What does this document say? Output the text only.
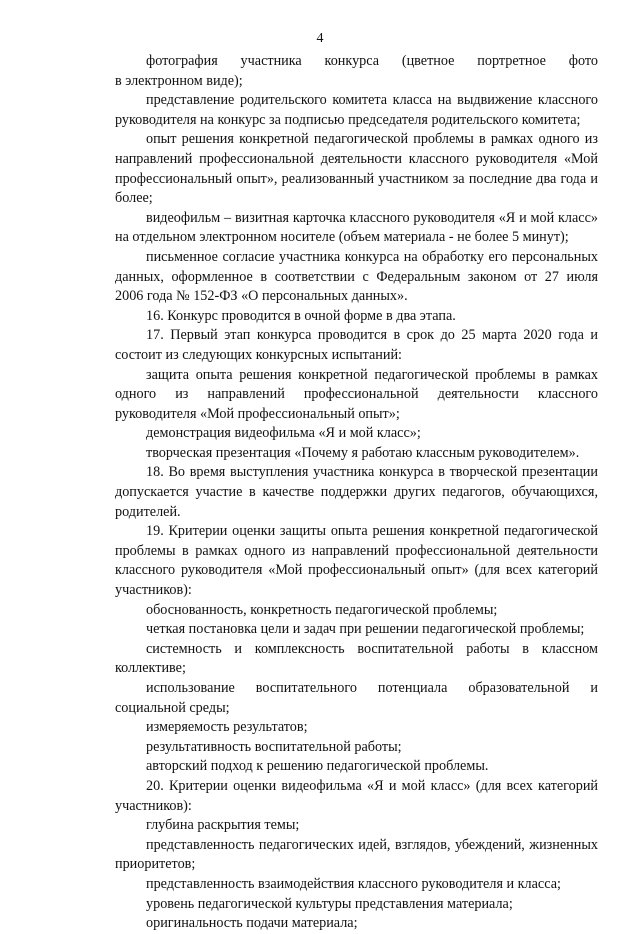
4
фотография участника конкурса (цветное портретное фото
в электронном виде);
представление родительского комитета класса на выдвижение классного
руководителя на конкурс за подписью председателя родительского комитета;
опыт решения конкретной педагогической проблемы в рамках одного из
направлений профессиональной деятельности классного руководителя «Мой
профессиональный опыт», реализованный участником за последние два года и
более;
видеофильм – визитная карточка классного руководителя «Я и мой класс»
на отдельном электронном носителе (объем материала - не более 5 минут);
письменное согласие участника конкурса на обработку его персональных
данных, оформленное в соответствии с Федеральным законом от 27 июля
2006 года № 152-ФЗ «О персональных данных».
16. Конкурс проводится в очной форме в два этапа.
17. Первый этап конкурса проводится в срок до 25 марта 2020 года и
состоит из следующих конкурсных испытаний:
защита опыта решения конкретной педагогической проблемы в рамках
одного из направлений профессиональной деятельности классного
руководителя «Мой профессиональный опыт»;
демонстрация видеофильма «Я и мой класс»;
творческая презентация «Почему я работаю классным руководителем».
18. Во время выступления участника конкурса в творческой презентации
допускается участие в качестве поддержки других педагогов, обучающихся,
родителей.
19. Критерии оценки защиты опыта решения конкретной педагогической
проблемы в рамках одного из направлений профессиональной деятельности
классного руководителя «Мой профессиональный опыт» (для всех категорий
участников):
обоснованность, конкретность педагогической проблемы;
четкая постановка цели и задач при решении педагогической проблемы;
системность и комплексность воспитательной работы в классном
коллективе;
использование воспитательного потенциала образовательной и
социальной среды;
измеряемость результатов;
результативность воспитательной работы;
авторский подход к решению педагогической проблемы.
20. Критерии оценки видеофильма «Я и мой класс» (для всех категорий
участников):
глубина раскрытия темы;
представленность педагогических идей, взглядов, убеждений, жизненных
приоритетов;
представленность взаимодействия классного руководителя и класса;
уровень педагогической культуры представления материала;
оригинальность подачи материала;
